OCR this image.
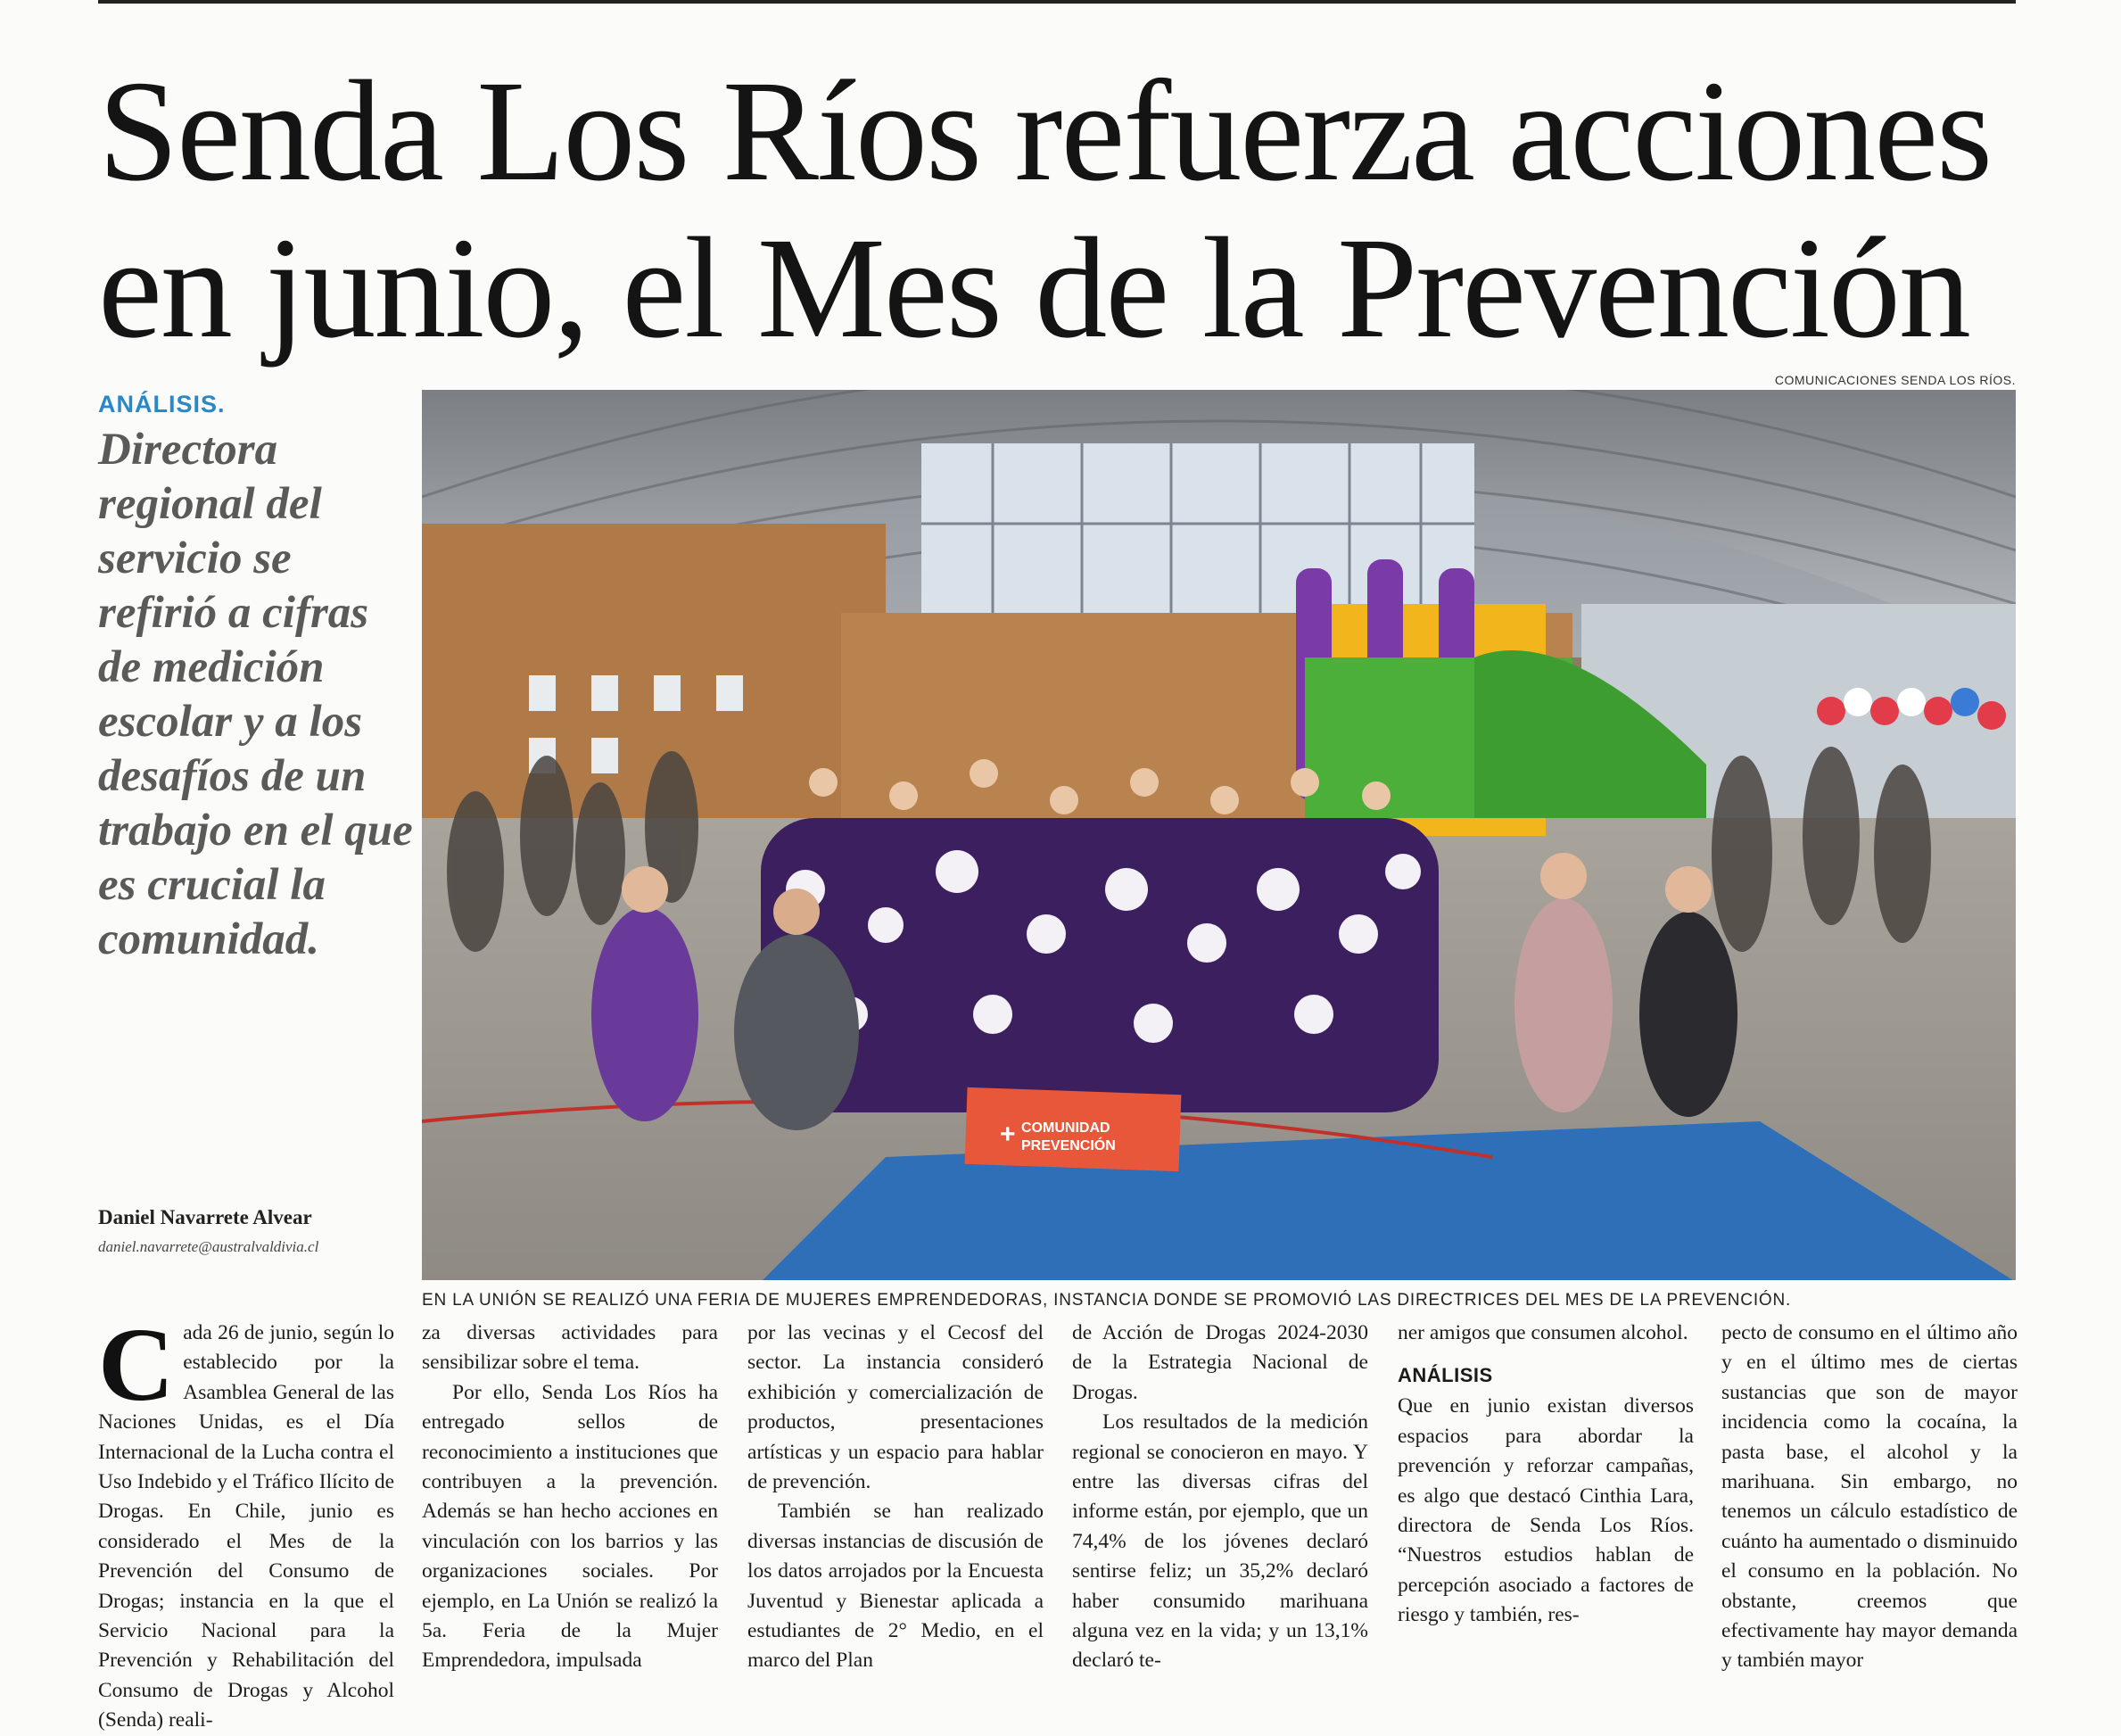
Senda Los Ríos refuerza acciones
en junio, el Mes de la Prevención
ANÁLISIS.
Directora regional del servicio se refirió a cifras de medición escolar y a los desafíos de un trabajo en el que es crucial la comunidad.
COMUNICACIONES SENDA LOS RÍOS.
+ COMUNIDAD
PREVENCIÓN
EN LA UNIÓN SE REALIZÓ UNA FERIA DE MUJERES EMPRENDEDORAS, INSTANCIA DONDE SE PROMOVIÓ LAS DIRECTRICES DEL MES DE LA PREVENCIÓN.
Daniel Navarrete Alvear
daniel.navarrete@australvaldivia.cl
C ada 26 de junio, según lo establecido por la Asamblea General de las Naciones Unidas, es el Día Internacional de la Lucha contra el Uso Indebido y el Tráfico Ilícito de Drogas. En Chile, junio es considerado el Mes de la Prevención del Consumo de Drogas; instancia en la que el Servicio Nacional para la Prevención y Rehabilitación del Consumo de Drogas y Alcohol (Senda) reali-

za diversas actividades para sensibilizar sobre el tema.

Por ello, Senda Los Ríos ha entregado sellos de reconocimiento a instituciones que contribuyen a la prevención. Además se han hecho acciones en vinculación con los barrios y las organizaciones sociales. Por ejemplo, en La Unión se realizó la 5a. Feria de la Mujer Emprendedora, impulsada

por las vecinas y el Cecosf del sector. La instancia consideró exhibición y comercialización de productos, presentaciones artísticas y un espacio para hablar de prevención.

También se han realizado diversas instancias de discusión de los datos arrojados por la Encuesta Juventud y Bienestar aplicada a estudiantes de 2° Medio, en el marco del Plan

de Acción de Drogas 2024-2030 de la Estrategia Nacional de Drogas.

Los resultados de la medición regional se conocieron en mayo. Y entre las diversas cifras del informe están, por ejemplo, que un 74,4% de los jóvenes declaró sentirse feliz; un 35,2% declaró haber consumido marihuana alguna vez en la vida; y un 13,1% declaró te-

ner amigos que consumen alcohol.

ANÁLISIS

Que en junio existan diversos espacios para abordar la prevención y reforzar campañas, es algo que destacó Cinthia Lara, directora de Senda Los Ríos. “Nuestros estudios hablan de percepción asociado a factores de riesgo y también, res-

pecto de consumo en el último año y en el último mes de ciertas sustancias que son de mayor incidencia como la cocaína, la pasta base, el alcohol y la marihuana. Sin embargo, no tenemos un cálculo estadístico de cuánto ha aumentado o disminuido el consumo en la población. No obstante, creemos que efectivamente hay mayor demanda y también mayor
